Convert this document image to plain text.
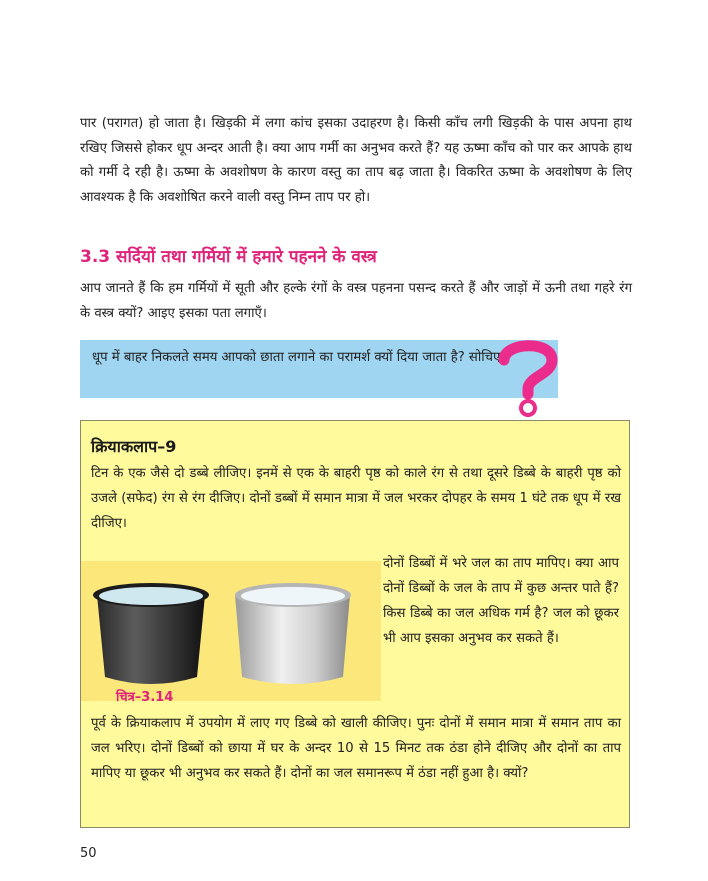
पार (परागत) हो जाता है। खिड़की में लगा कांच इसका उदाहरण है। किसी काँच लगी खिड़की के पास अपना हाथ रखिए जिससे होकर धूप अन्दर आती है। क्या आप गर्मी का अनुभव करते हैं? यह ऊष्मा काँच को पार कर आपके हाथ को गर्मी दे रही है। ऊष्मा के अवशोषण के कारण वस्तु का ताप बढ़ जाता है। विकरित ऊष्मा के अवशोषण के लिए आवश्यक है कि अवशोषित करने वाली वस्तु निम्न ताप पर हो।

3.3 सर्दियों तथा गर्मियों में हमारे पहनने के वस्त्र

आप जानते हैं कि हम गर्मियों में सूती और हल्के रंगों के वस्त्र पहनना पसन्द करते हैं और जाड़ों में ऊनी तथा गहरे रंग के वस्त्र क्यों? आइए इसका पता लगाएँ।

धूप में बाहर निकलते समय आपको छाता लगाने का परामर्श क्यों दिया जाता है? सोचिए।

क्रियाकलाप–9

टिन के एक जैसे दो डब्बे लीजिए। इनमें से एक के बाहरी पृष्ठ को काले रंग से तथा दूसरे डिब्बे के बाहरी पृष्ठ को उजले (सफेद) रंग से रंग दीजिए। दोनों डब्बों में समान मात्रा में जल भरकर दोपहर के समय 1 घंटे तक धूप में रख दीजिए।

चित्र–3.14

दोनों डिब्बों में भरे जल का ताप मापिए। क्या आप दोनों डिब्बों के जल के ताप में कुछ अन्तर पाते हैं? किस डिब्बे का जल अधिक गर्म है? जल को छूकर भी आप इसका अनुभव कर सकते हैं।

पूर्व के क्रियाकलाप में उपयोग में लाए गए डिब्बे को खाली कीजिए। पुनः दोनों में समान मात्रा में समान ताप का जल भरिए। दोनों डिब्बों को छाया में घर के अन्दर 10 से 15 मिनट तक ठंडा होने दीजिए और दोनों का ताप मापिए या छूकर भी अनुभव कर सकते हैं। दोनों का जल समानरूप में ठंडा नहीं हुआ है। क्यों?

50
